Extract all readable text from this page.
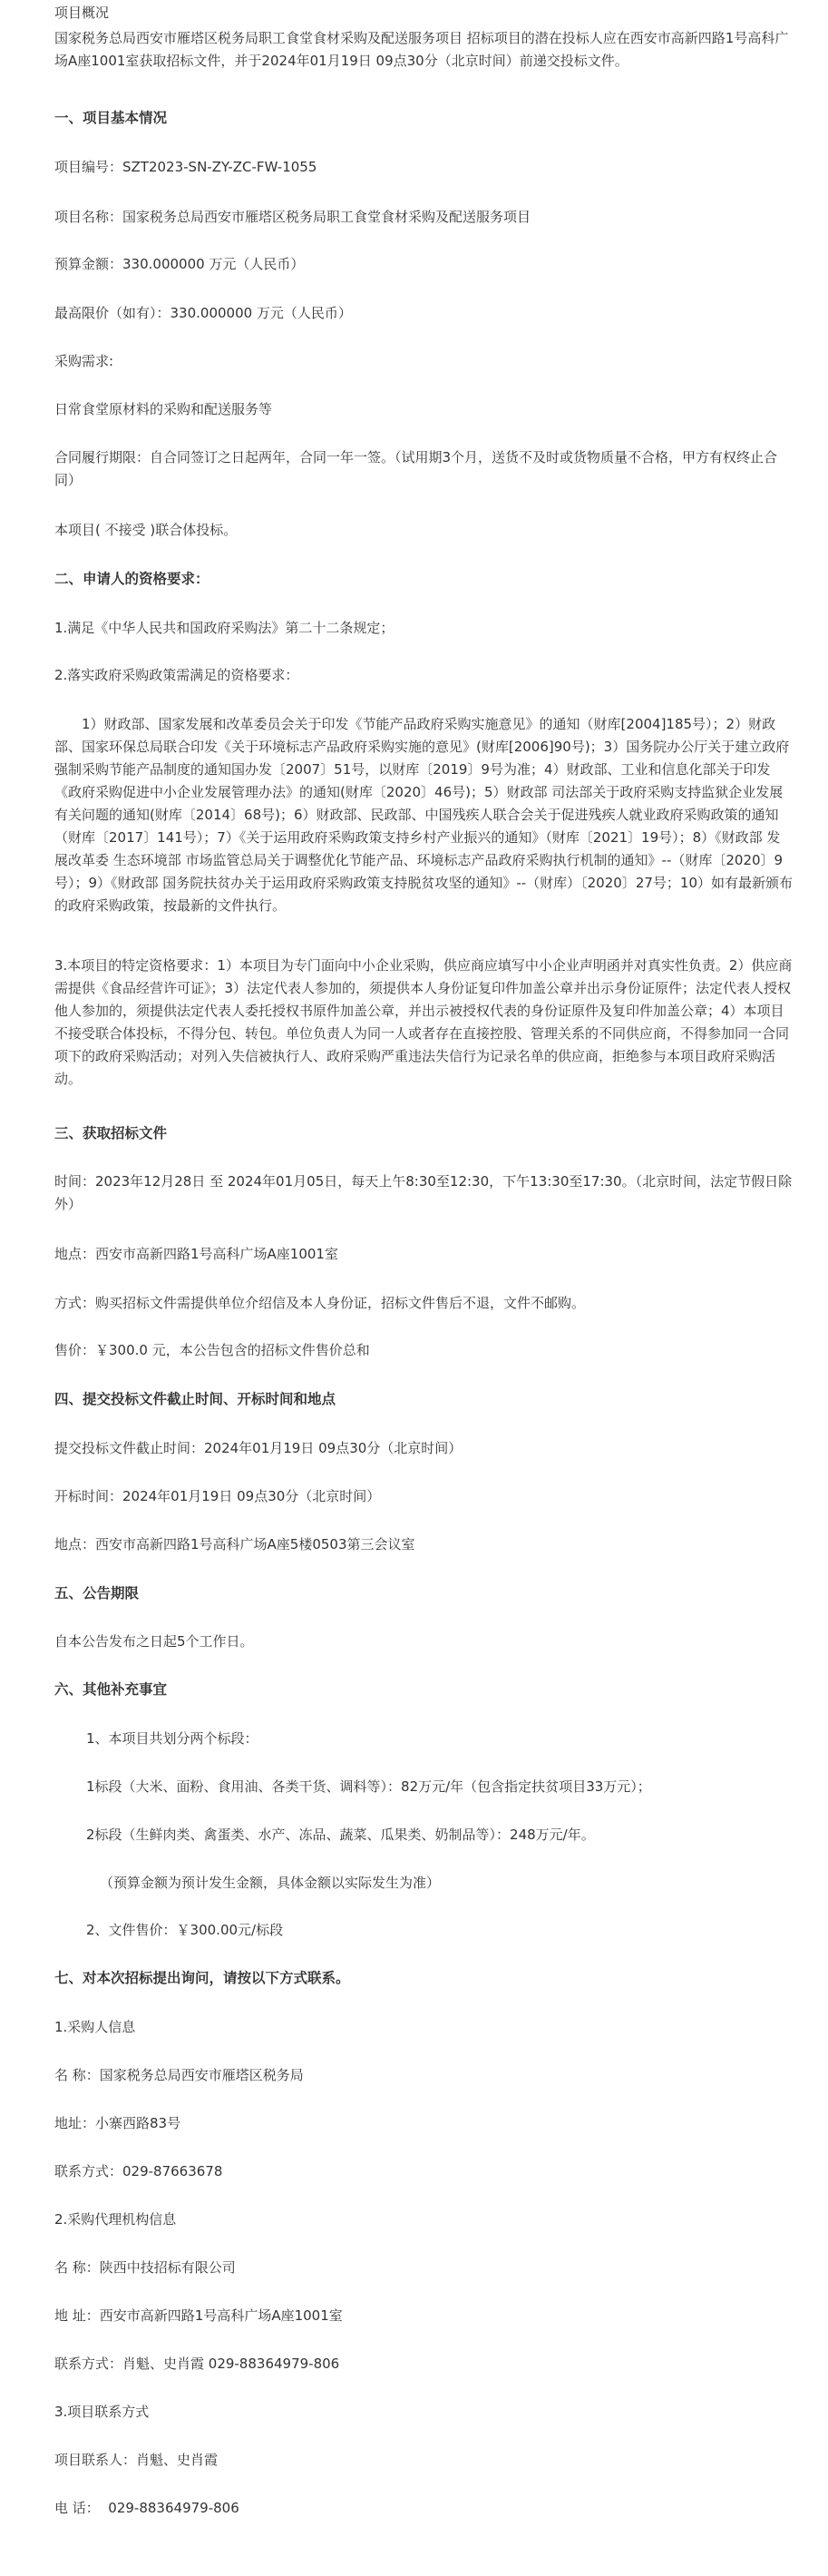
项目概况

国家税务总局西安市雁塔区税务局职工食堂食材采购及配送服务项目 招标项目的潜在投标人应在西安市高新四路1号高科广场A座1001室获取招标文件，并于2024年01月19日 09点30分（北京时间）前递交投标文件。

一、项目基本情况

项目编号：SZT2023-SN-ZY-ZC-FW-1055

项目名称：国家税务总局西安市雁塔区税务局职工食堂食材采购及配送服务项目

预算金额：330.000000 万元（人民币）

最高限价（如有）：330.000000 万元（人民币）

采购需求:

日常食堂原材料的采购和配送服务等

合同履行期限：自合同签订之日起两年，合同一年一签。（试用期3个月，送货不及时或货物质量不合格，甲方有权终止合同）

本项目( 不接受 )联合体投标。

二、申请人的资格要求：

1.满足《中华人民共和国政府采购法》第二十二条规定；

2.落实政府采购政策需满足的资格要求：

1）财政部、国家发展和改革委员会关于印发《节能产品政府采购实施意见》的通知（财库[2004]185号）；2）财政部、国家环保总局联合印发《关于环境标志产品政府采购实施的意见》(财库[2006]90号)；3）国务院办公厅关于建立政府强制采购节能产品制度的通知国办发〔2007〕51号，以财库〔2019〕9号为准；4）财政部、工业和信息化部关于印发《政府采购促进中小企业发展管理办法》的通知(财库〔2020〕46号)；5）财政部 司法部关于政府采购支持监狱企业发展有关问题的通知(财库〔2014〕68号)；6）财政部、民政部、中国残疾人联合会关于促进残疾人就业政府采购政策的通知（财库〔2017〕141号）；7）《关于运用政府采购政策支持乡村产业振兴的通知》（财库〔2021〕19号）；8）《财政部 发展改革委 生态环境部 市场监管总局关于调整优化节能产品、环境标志产品政府采购执行机制的通知》--（财库〔2020〕9号）；9）《财政部 国务院扶贫办关于运用政府采购政策支持脱贫攻坚的通知》--（财库）〔2020〕27号；10）如有最新颁布的政府采购政策，按最新的文件执行。

3.本项目的特定资格要求：1）本项目为专门面向中小企业采购，供应商应填写中小企业声明函并对真实性负责。2）供应商需提供《食品经营许可证》；3）法定代表人参加的，须提供本人身份证复印件加盖公章并出示身份证原件；法定代表人授权他人参加的，须提供法定代表人委托授权书原件加盖公章，并出示被授权代表的身份证原件及复印件加盖公章；4）本项目不接受联合体投标，不得分包、转包。单位负责人为同一人或者存在直接控股、管理关系的不同供应商，不得参加同一合同项下的政府采购活动；对列入失信被执行人、政府采购严重违法失信行为记录名单的供应商，拒绝参与本项目政府采购活动。

三、获取招标文件

时间：2023年12月28日 至 2024年01月05日，每天上午8:30至12:30，下午13:30至17:30。（北京时间，法定节假日除外）

地点：西安市高新四路1号高科广场A座1001室

方式：购买招标文件需提供单位介绍信及本人身份证，招标文件售后不退，文件不邮购。

售价：￥300.0 元，本公告包含的招标文件售价总和

四、提交投标文件截止时间、开标时间和地点

提交投标文件截止时间：2024年01月19日 09点30分（北京时间）

开标时间：2024年01月19日 09点30分（北京时间）

地点：西安市高新四路1号高科广场A座5楼0503第三会议室

五、公告期限

自本公告发布之日起5个工作日。

六、其他补充事宜

1、本项目共划分两个标段：

1标段（大米、面粉、食用油、各类干货、调料等）：82万元/年（包含指定扶贫项目33万元）；

2标段（生鲜肉类、禽蛋类、水产、冻品、蔬菜、瓜果类、奶制品等）：248万元/年。

（预算金额为预计发生金额，具体金额以实际发生为准）

2、文件售价：￥300.00元/标段

七、对本次招标提出询问，请按以下方式联系。

1.采购人信息

名 称：国家税务总局西安市雁塔区税务局

地址：小寨西路83号

联系方式：029-87663678

2.采购代理机构信息

名 称：陕西中技招标有限公司

地 址：西安市高新四路1号高科广场A座1001室

联系方式：肖魁、史肖霞 029-88364979-806

3.项目联系方式

项目联系人：肖魁、史肖霞

电 话：  029-88364979-806
